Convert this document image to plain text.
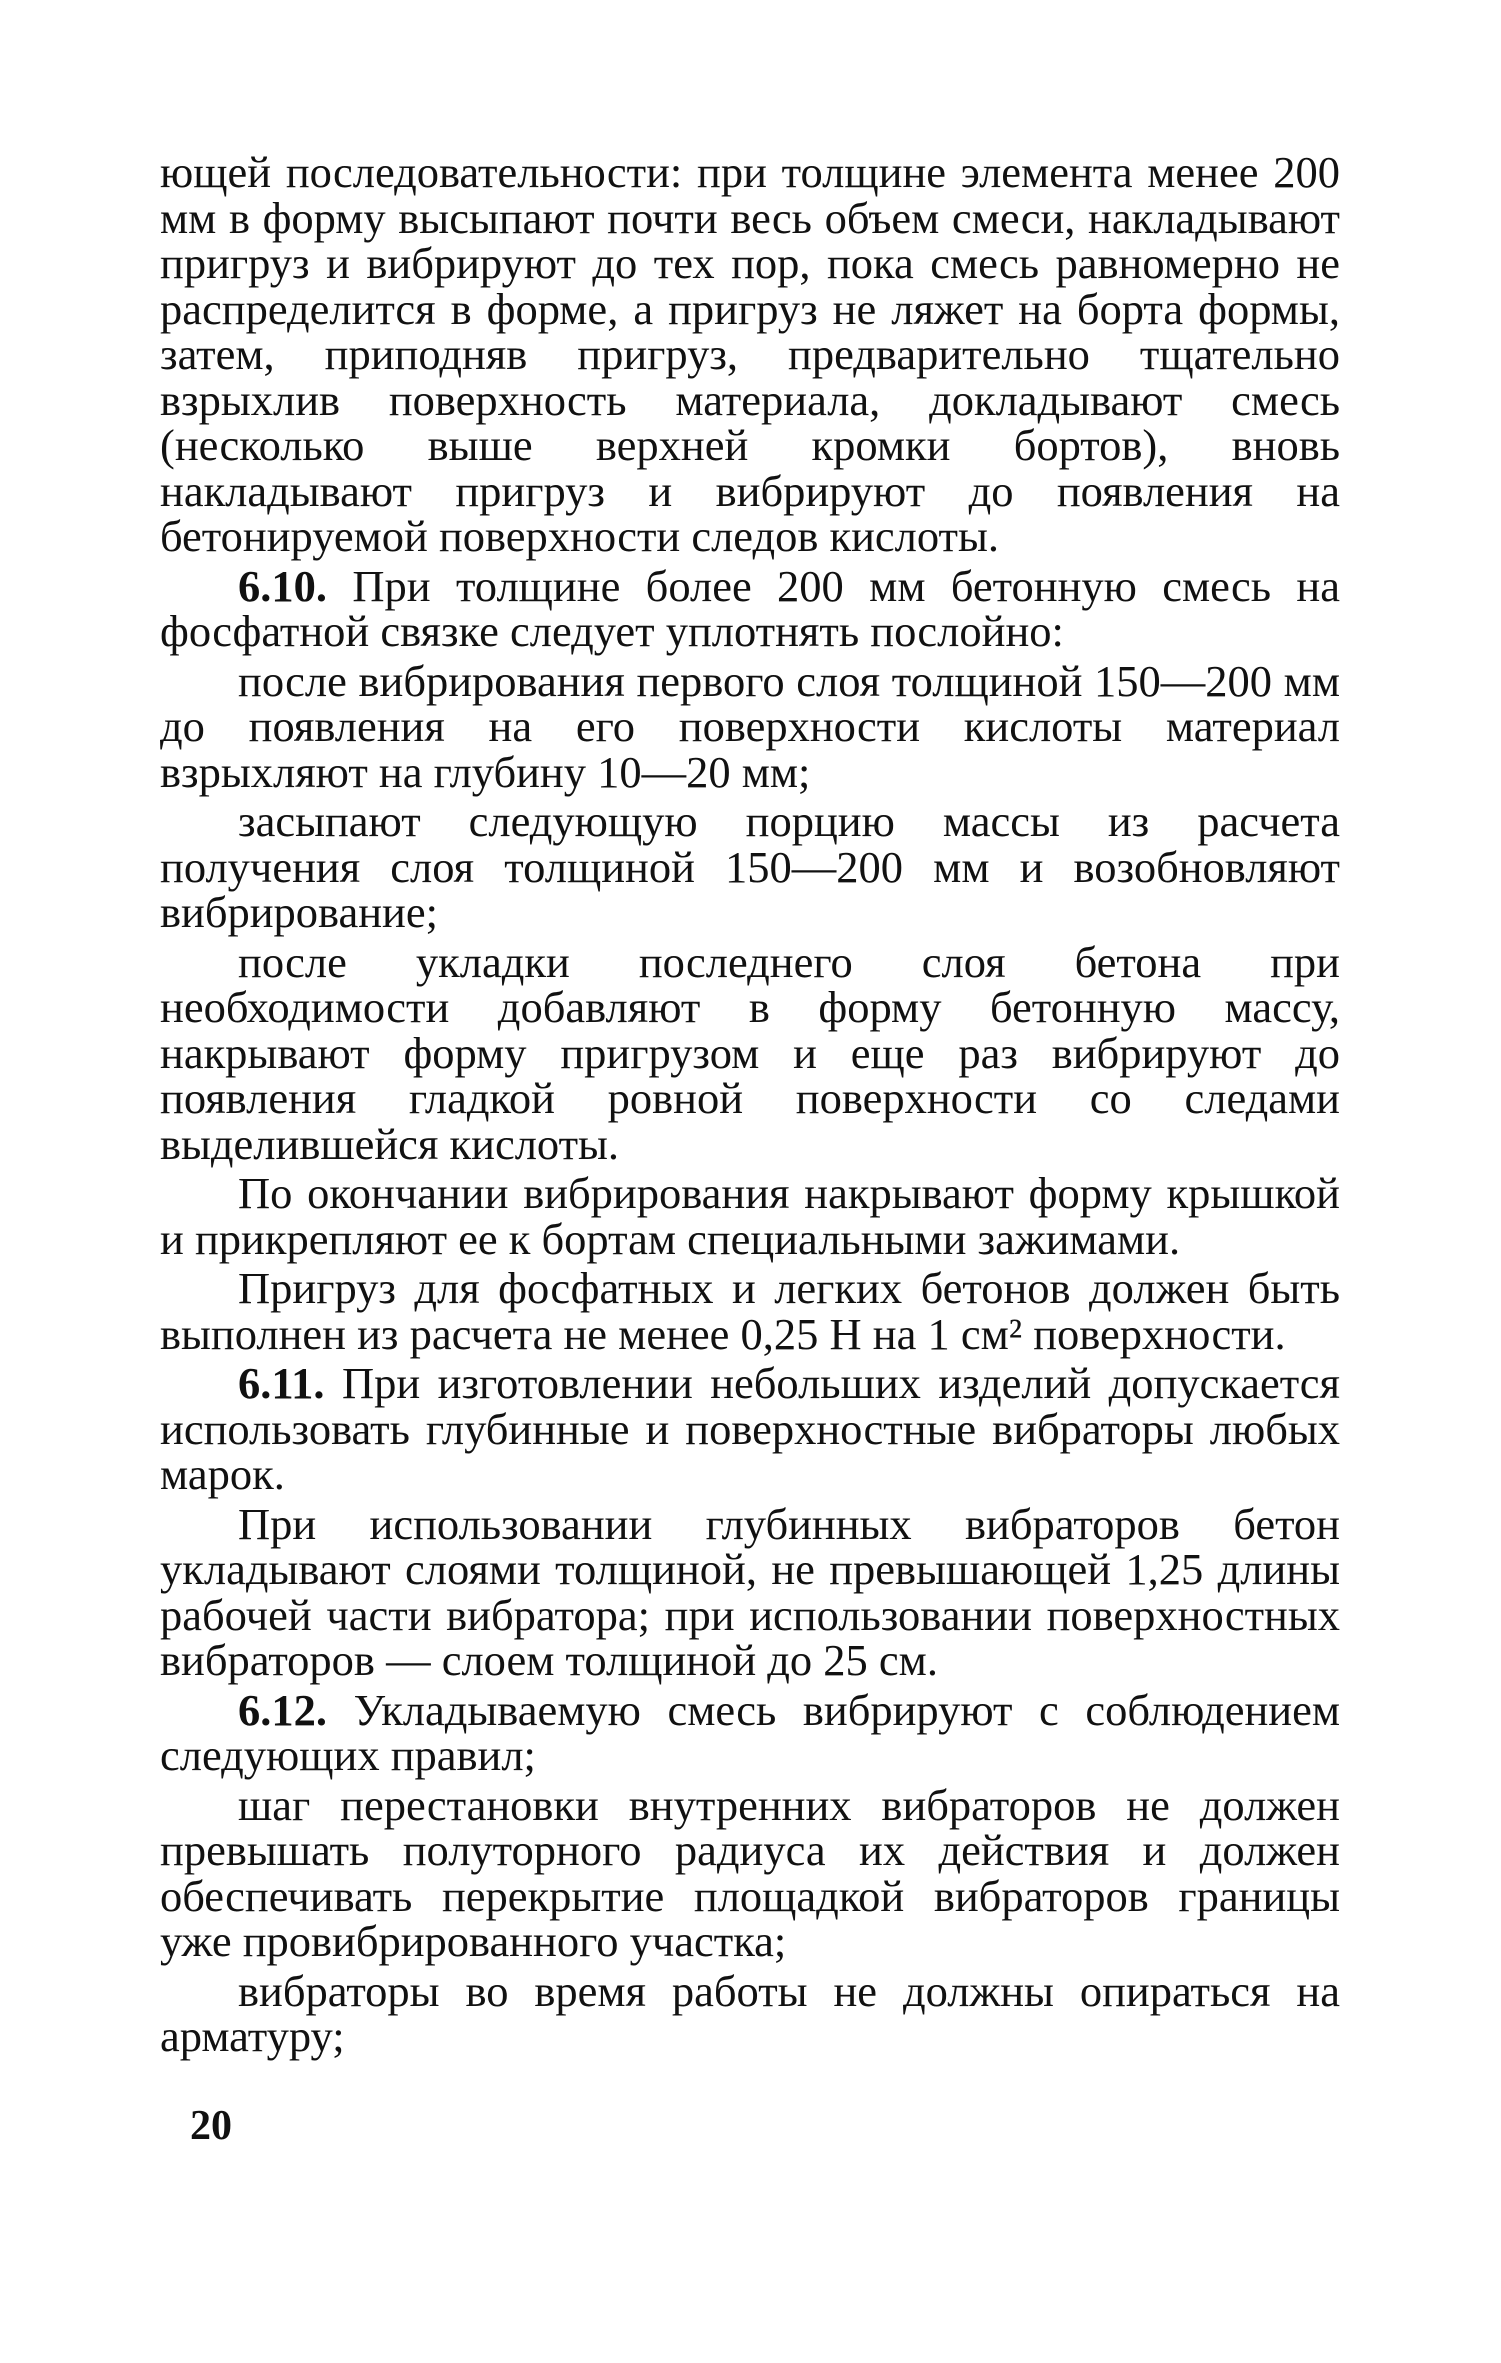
ющей последовательности: при толщине элемента менее 200 мм в форму высыпают почти весь объем смеси, накладывают пригруз и вибрируют до тех пор, пока смесь равномерно не распределится в форме, а пригруз не ляжет на борта формы, затем, приподняв пригруз, предварительно тщательно взрыхлив поверхность материала, докладывают смесь (несколько выше верхней кромки бортов), вновь накладывают пригруз и вибрируют до появления на бетонируемой поверхности следов кислоты.

6.10. При толщине более 200 мм бетонную смесь на фосфатной связке следует уплотнять послойно:

после вибрирования первого слоя толщиной 150—200 мм до появления на его поверхности кислоты материал взрыхляют на глубину 10—20 мм;

засыпают следующую порцию массы из расчета получения слоя толщиной 150—200 мм и возобновляют вибрирование;

после укладки последнего слоя бетона при необходимости добавляют в форму бетонную массу, накрывают форму пригрузом и еще раз вибрируют до появления гладкой ровной поверхности со следами выделившейся кислоты.

По окончании вибрирования накрывают форму крышкой и прикрепляют ее к бортам специальными зажимами.

Пригруз для фосфатных и легких бетонов должен быть выполнен из расчета не менее 0,25 Н на 1 см² поверхности.

6.11. При изготовлении небольших изделий допускается использовать глубинные и поверхностные вибраторы любых марок.

При использовании глубинных вибраторов бетон укладывают слоями толщиной, не превышающей 1,25 длины рабочей части вибратора; при использовании поверхностных вибраторов — слоем толщиной до 25 см.

6.12. Укладываемую смесь вибрируют с соблюдением следующих правил;

шаг перестановки внутренних вибраторов не должен превышать полуторного радиуса их действия и должен обеспечивать перекрытие площадкой вибраторов границы уже провибрированного участка;

вибраторы во время работы не должны опираться на арматуру;

20
